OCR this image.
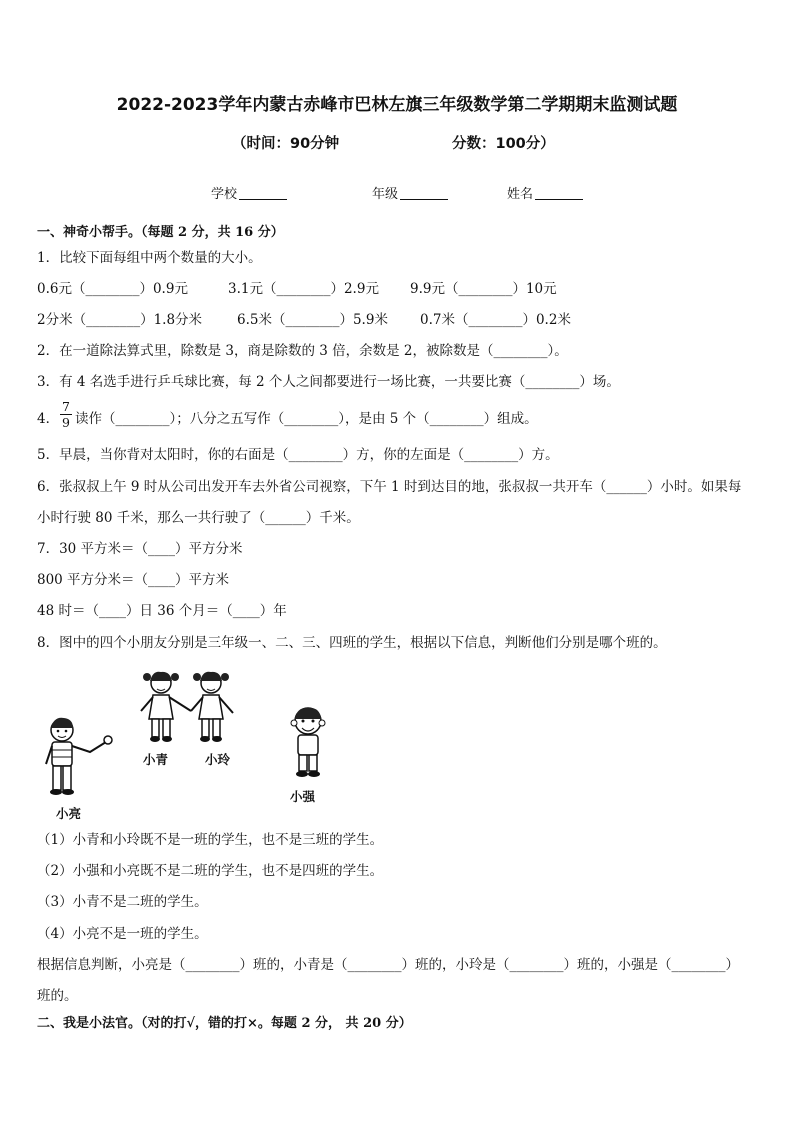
2022-2023学年内蒙古赤峰市巴林左旗三年级数学第二学期期末监测试题
（时间：90分钟	分数：100分）
学校	年级	姓名
一、神奇小帮手。（每题 2 分，共 16 分）
1．比较下面每组中两个数量的大小。
0.6元（________）0.9元	3.1元（________）2.9元 9.9元（________）10元
2分米（________）1.8分米	6.5米（________）5.9米 0.7米（________）0.2米
2．在一道除法算式里，除数是 3，商是除数的 3 倍，余数是 2，被除数是（________）。
3．有 4 名选手进行乒乓球比赛，每 2 个人之间都要进行一场比赛，一共要比赛（________）场。
4．
7
9 读作（________）；八分之五写作（________），是由 5 个（________）组成。
5．早晨，当你背对太阳时，你的右面是（________）方，你的左面是（________）方。
6．张叔叔上午 9 时从公司出发开车去外省公司视察，下午 1 时到达目的地，张叔叔一共开车（______）小时。如果每
小时行驶 80 千米，那么一共行驶了（______）千米。
7．30 平方米＝（____）平方分米
800 平方分米＝（____）平方米
48 时＝（____）日 36 个月＝（____）年
8．图中的四个小朋友分别是三年级一、二、三、四班的学生，根据以下信息，判断他们分别是哪个班的。
小亮
小青	小玲
小强
（1）小青和小玲既不是一班的学生，也不是三班的学生。
（2）小强和小亮既不是二班的学生，也不是四班的学生。
（3）小青不是二班的学生。
（4）小亮不是一班的学生。
根据信息判断，小亮是（________）班的，小青是（________）班的，小玲是（________）班的，小强是（________）
班的。
二、我是小法官。（对的打√，错的打×。每题 2 分， 共 20 分）
